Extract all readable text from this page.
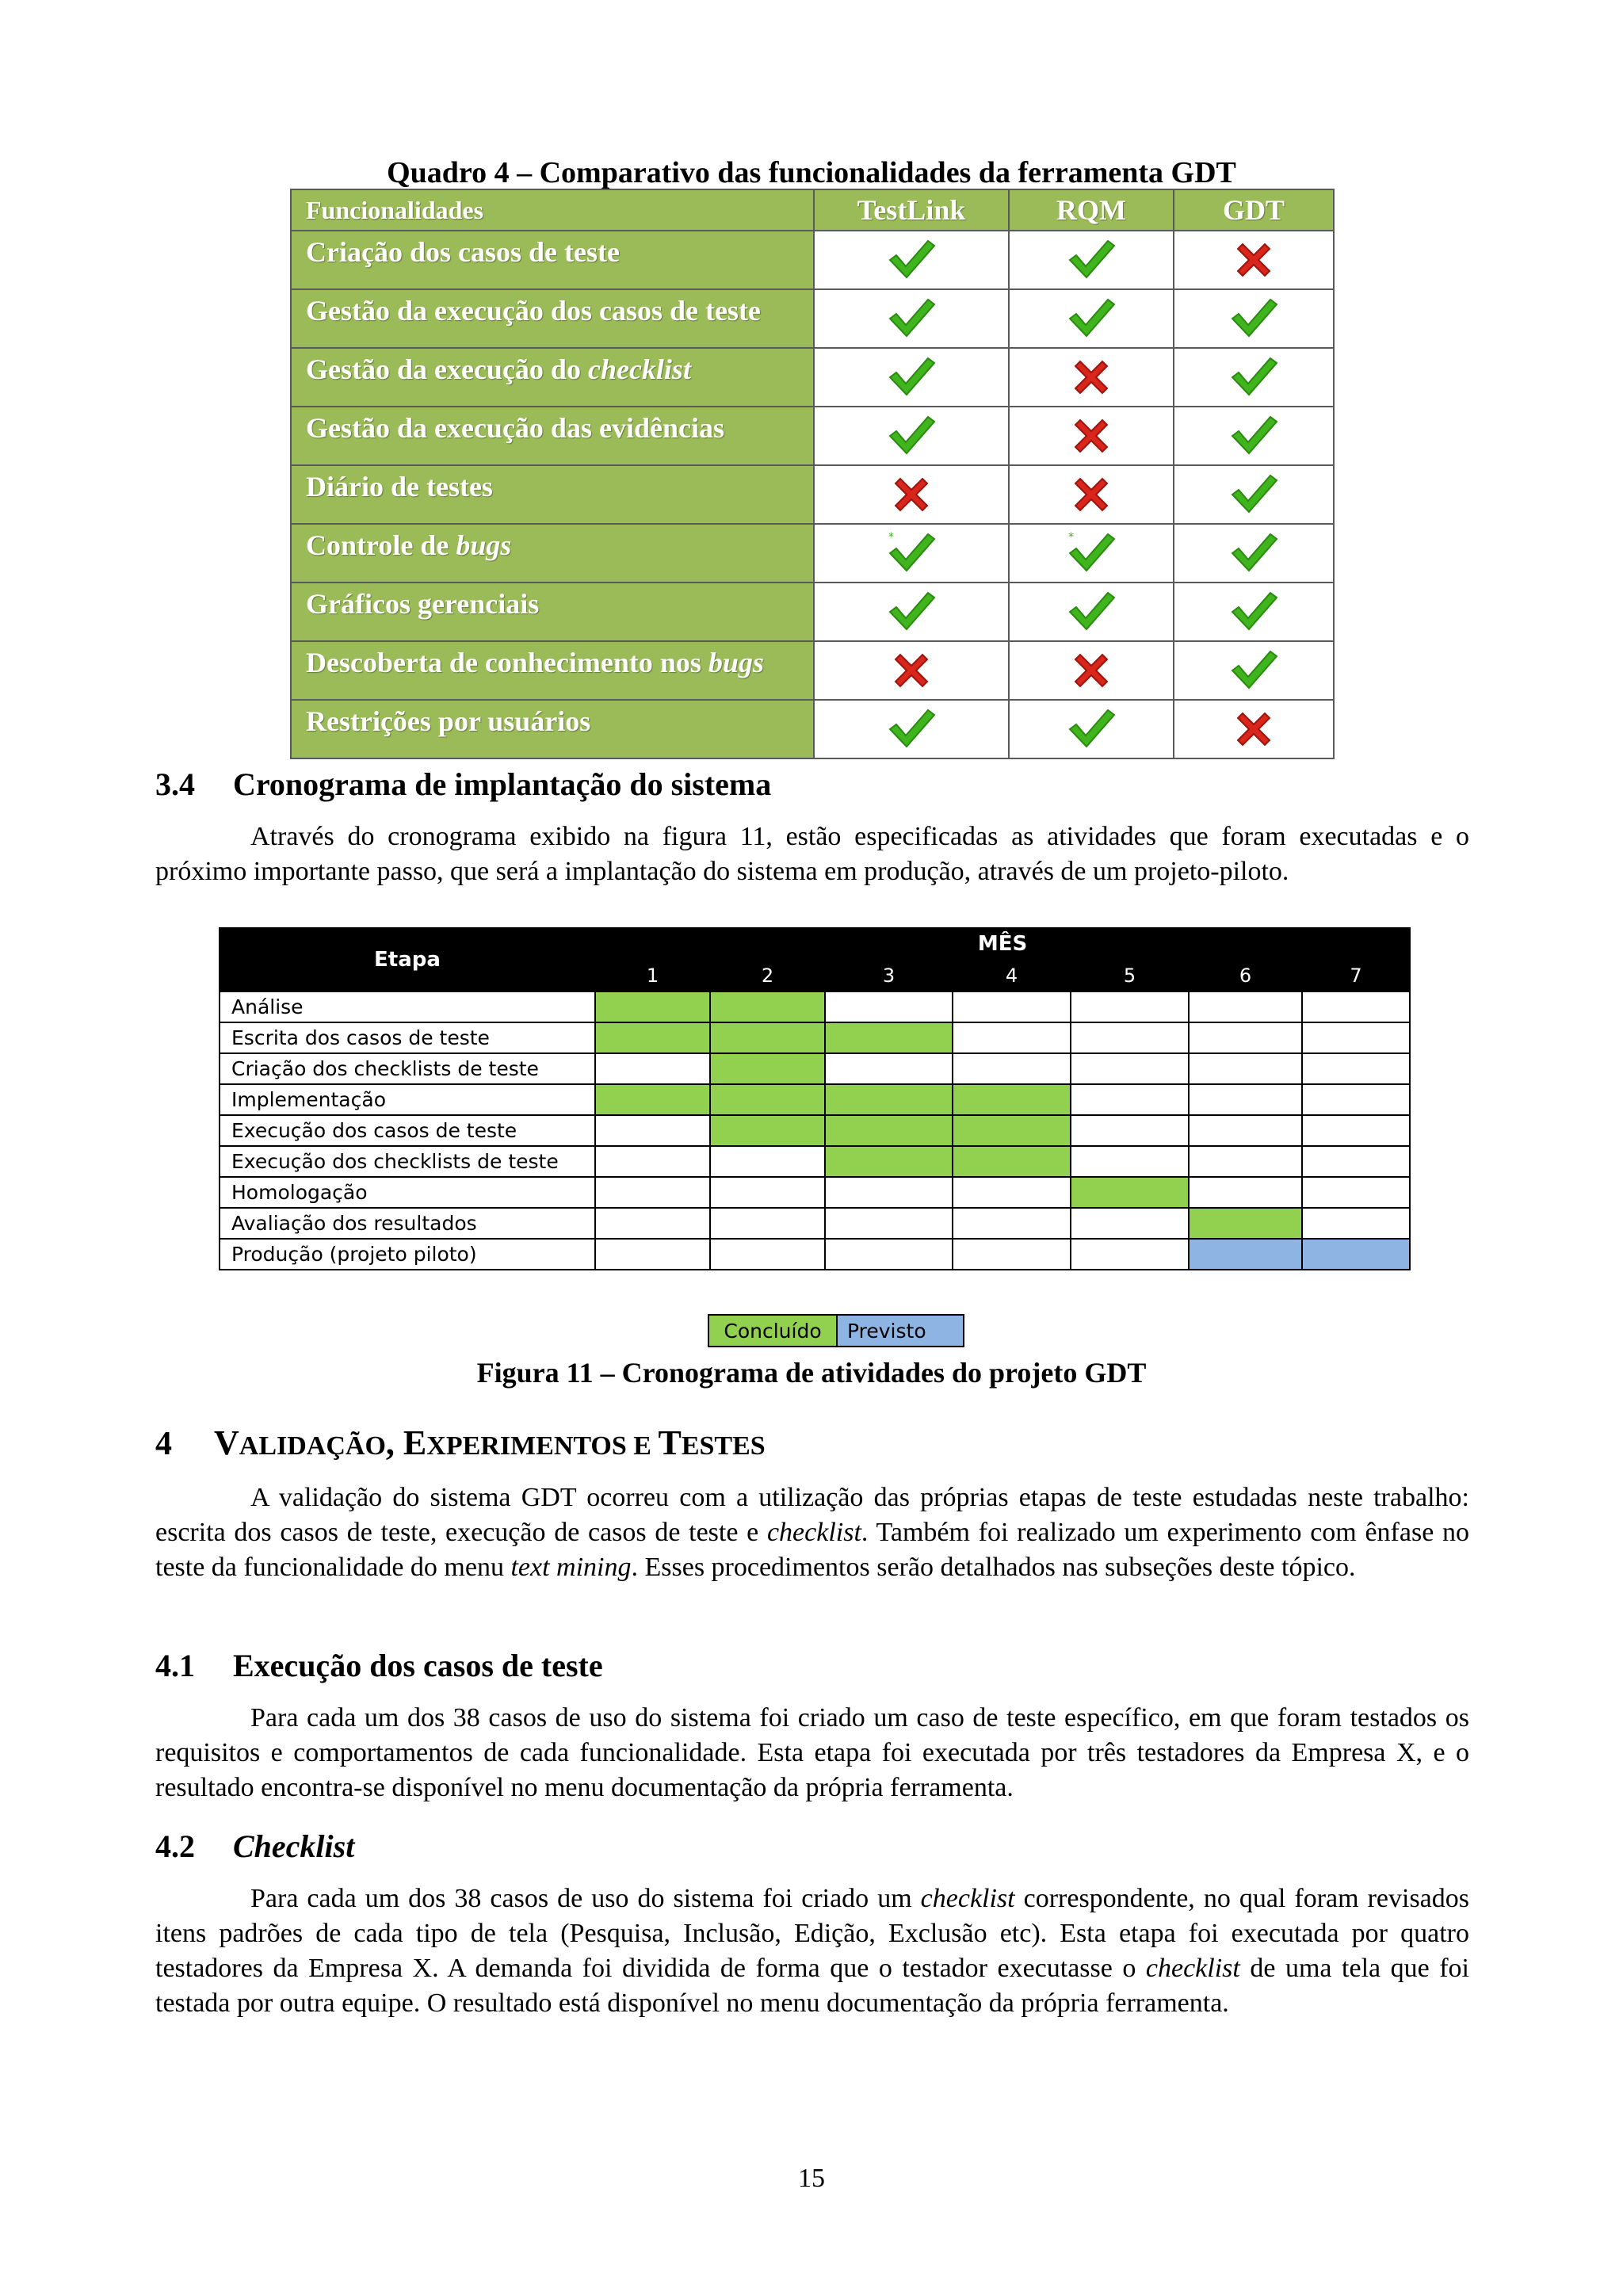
Quadro 4 – Comparativo das funcionalidades da ferramenta GDT
Funcionalidades	TestLink	RQM	GDT
Criação dos casos de teste			
Gestão da execução dos casos de teste			
Gestão da execução do checklist			
Gestão da execução das evidências			
Diário de testes			
Controle de bugs	*	*

Gráficos gerenciais			
Descoberta de conhecimento nos bugs			
Restrições por usuários			
3.4 Cronograma de implantação do sistema
Através do cronograma exibido na figura 11, estão especificadas as atividades que foram executadas e o próximo importante passo, que será a implantação do sistema em produção, através de um projeto-piloto.
Etapa	MÊS						
	1	2	3	4	5	6	7
Análise							
Escrita dos casos de teste							
Criação dos checklists de teste							
Implementação							
Execução dos casos de teste							
Execução dos checklists de teste							
Homologação							
Avaliação dos resultados							
Produção (projeto piloto)							
Concluído	Previsto
Figura 11 – Cronograma de atividades do projeto GDT
4 VALIDAÇÃO, EXPERIMENTOS E TESTES
A validação do sistema GDT ocorreu com a utilização das próprias etapas de teste estudadas neste trabalho: escrita dos casos de teste, execução de casos de teste e checklist. Também foi realizado um experimento com ênfase no teste da funcionalidade do menu text mining. Esses procedimentos serão detalhados nas subseções deste tópico.
4.1 Execução dos casos de teste
Para cada um dos 38 casos de uso do sistema foi criado um caso de teste específico, em que foram testados os requisitos e comportamentos de cada funcionalidade. Esta etapa foi executada por três testadores da Empresa X, e o resultado encontra-se disponível no menu documentação da própria ferramenta.
4.2 Checklist
Para cada um dos 38 casos de uso do sistema foi criado um checklist correspondente, no qual foram revisados itens padrões de cada tipo de tela (Pesquisa, Inclusão, Edição, Exclusão etc). Esta etapa foi executada por quatro testadores da Empresa X. A demanda foi dividida de forma que o testador executasse o checklist de uma tela que foi testada por outra equipe. O resultado está disponível no menu documentação da própria ferramenta.
15
